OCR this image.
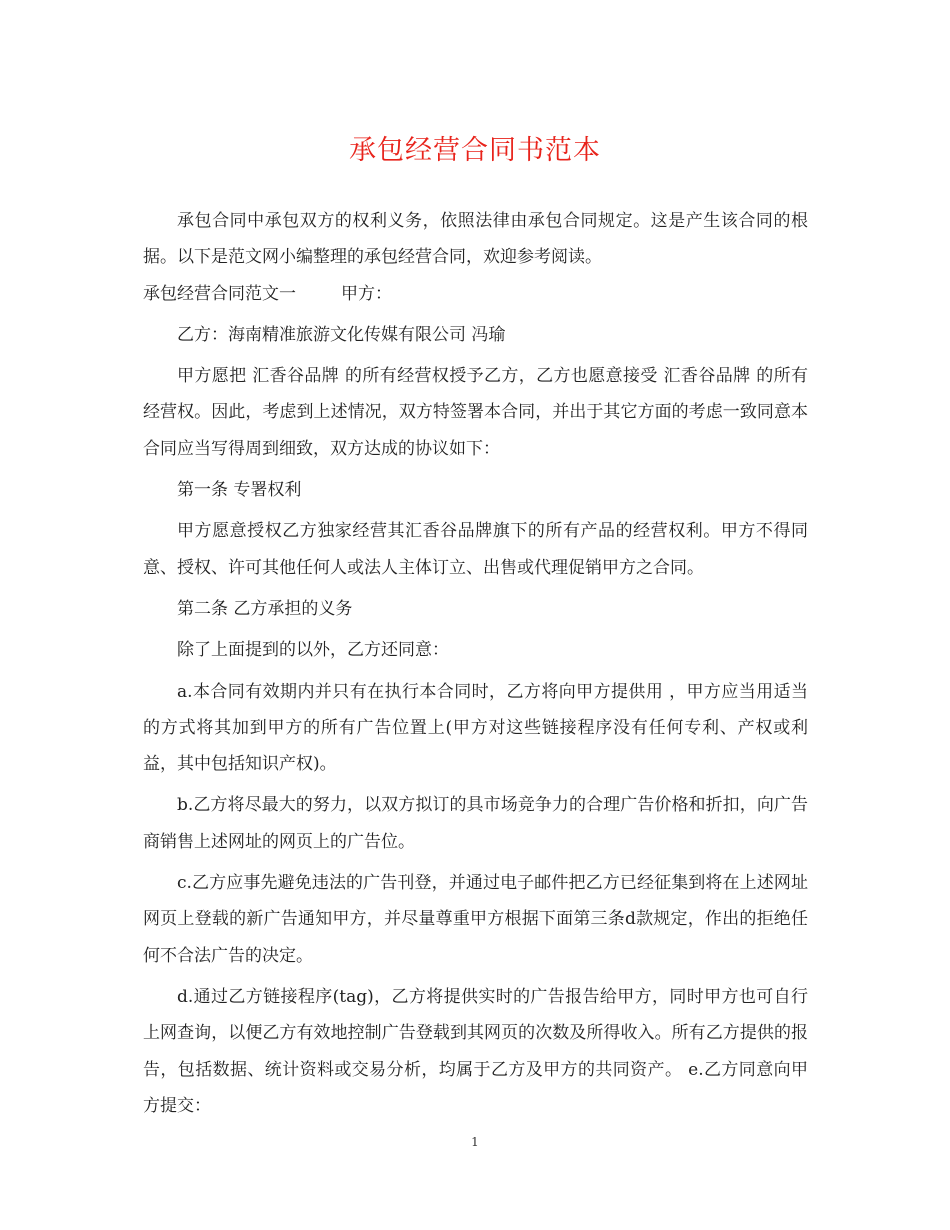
承包经营合同书范本

承包合同中承包双方的权利义务，依照法律由承包合同规定。这是产生该合同的根据。以下是范文网小编整理的承包经营合同，欢迎参考阅读。

承包经营合同范文一	甲方：

乙方：海南精准旅游文化传媒有限公司 冯瑜

甲方愿把 汇香谷品牌 的所有经营权授予乙方，乙方也愿意接受 汇香谷品牌 的所有经营权。因此，考虑到上述情况，双方特签署本合同，并出于其它方面的考虑一致同意本合同应当写得周到细致，双方达成的协议如下：

第一条 专署权利

甲方愿意授权乙方独家经营其汇香谷品牌旗下的所有产品的经营权利。甲方不得同意、授权、许可其他任何人或法人主体订立、出售或代理促销甲方之合同。

第二条 乙方承担的义务

除了上面提到的以外，乙方还同意：

a.本合同有效期内并只有在执行本合同时，乙方将向甲方提供用 ，甲方应当用适当的方式将其加到甲方的所有广告位置上(甲方对这些链接程序没有任何专利、产权或利益，其中包括知识产权)。

b.乙方将尽最大的努力，以双方拟订的具市场竞争力的合理广告价格和折扣，向广告商销售上述网址的网页上的广告位。

c.乙方应事先避免违法的广告刊登，并通过电子邮件把乙方已经征集到将在上述网址网页上登载的新广告通知甲方，并尽量尊重甲方根据下面第三条d款规定，作出的拒绝任何不合法广告的决定。

d.通过乙方链接程序(tag)，乙方将提供实时的广告报告给甲方，同时甲方也可自行上网查询，以便乙方有效地控制广告登载到其网页的次数及所得收入。所有乙方提供的报告，包括数据、统计资料或交易分析，均属于乙方及甲方的共同资产。 e.乙方同意向甲方提交：

1
